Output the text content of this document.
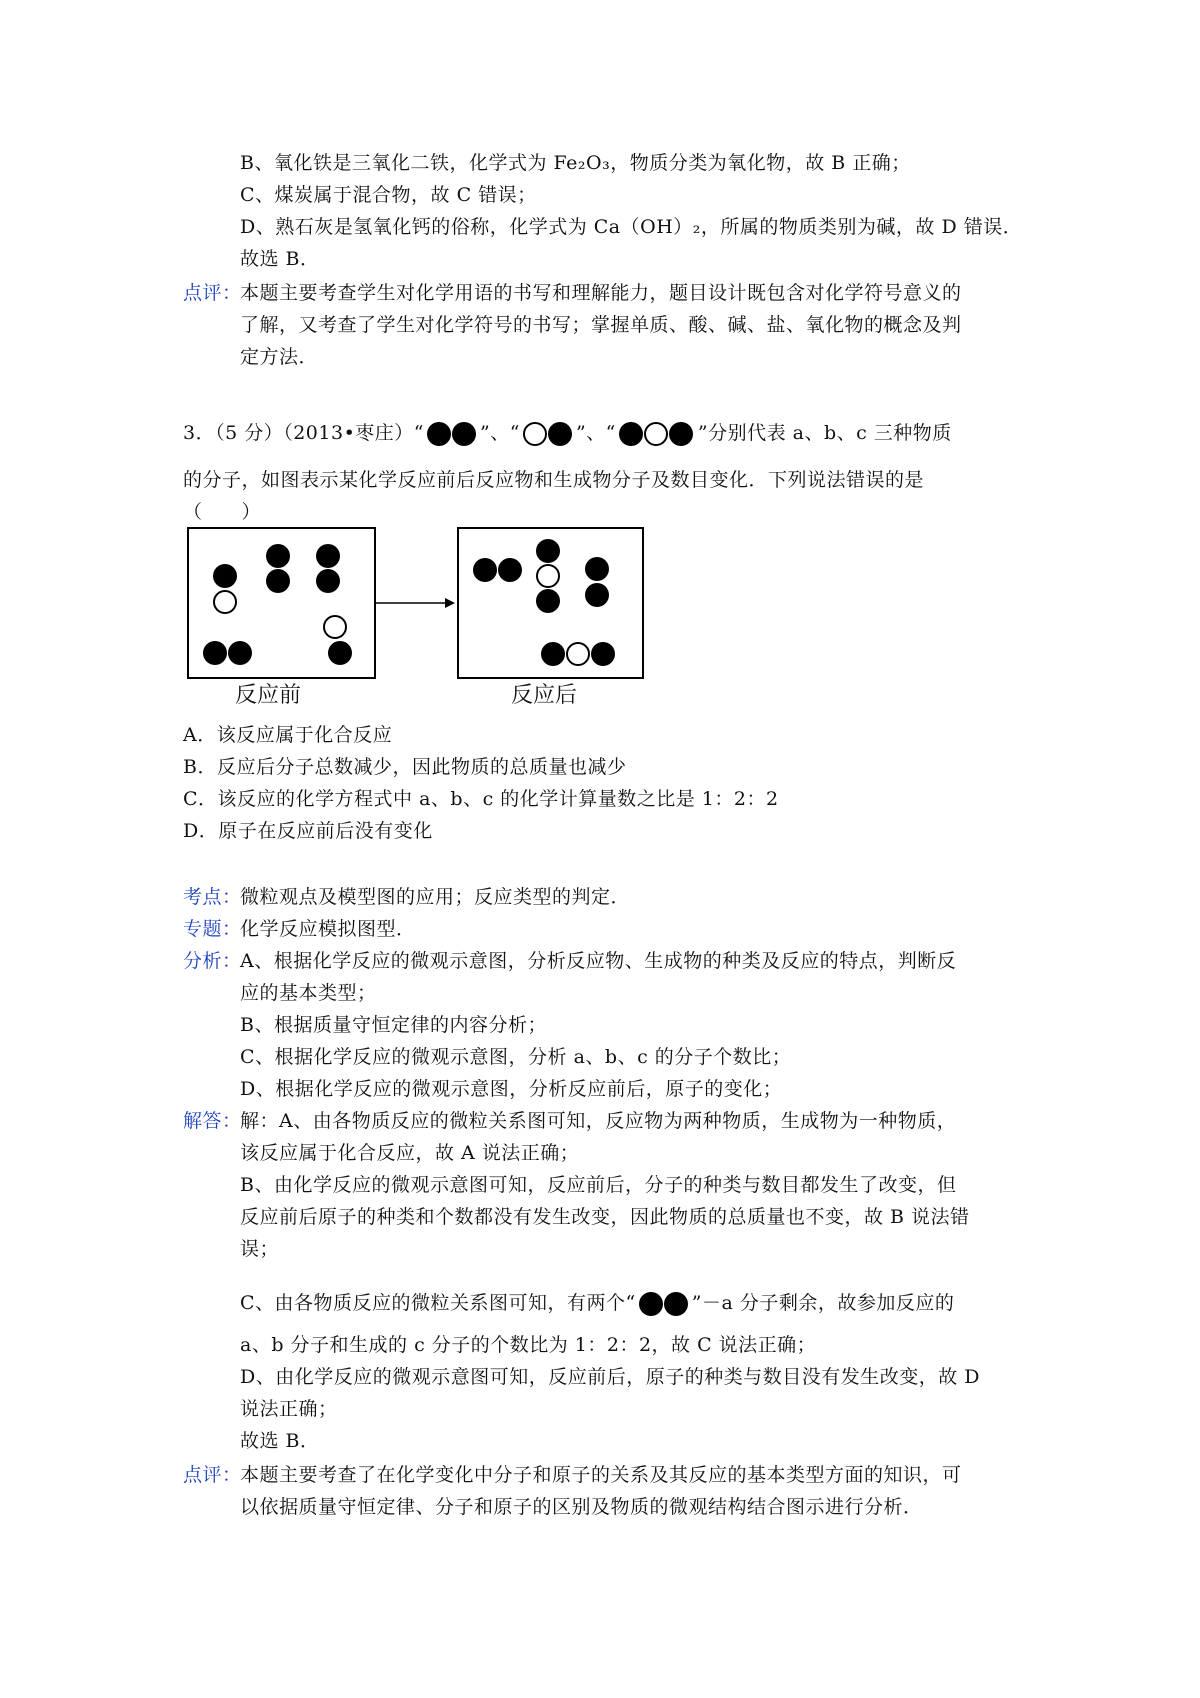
B、氧化铁是三氧化二铁，化学式为 Fe₂O₃，物质分类为氧化物，故 B 正确；
C、煤炭属于混合物，故 C 错误；
D、熟石灰是氢氧化钙的俗称，化学式为 Ca（OH）₂，所属的物质类别为碱，故 D 错误．
故选 B．
点评：
本题主要考查学生对化学用语的书写和理解能力，题目设计既包含对化学符号意义的
了解，又考查了学生对化学符号的书写；掌握单质、酸、碱、盐、氧化物的概念及判
定方法．
3．（5 分）（2013•枣庄）“	”、“	”、“	”分别代表 a、b、c 三种物质
的分子，如图表示某化学反应前后反应物和生成物分子及数目变化．下列说法错误的是
（　　）
反应前	反应后
A．该反应属于化合反应
B．反应后分子总数减少，因此物质的总质量也减少
C．该反应的化学方程式中 a、b、c 的化学计算量数之比是 1：2：2
D．原子在反应前后没有变化
考点：
微粒观点及模型图的应用；反应类型的判定．
专题：
化学反应模拟图型．
分析：
A、根据化学反应的微观示意图，分析反应物、生成物的种类及反应的特点，判断反
应的基本类型；
B、根据质量守恒定律的内容分析；
C、根据化学反应的微观示意图，分析 a、b、c 的分子个数比；
D、根据化学反应的微观示意图，分析反应前后，原子的变化；
解答：
解：A、由各物质反应的微粒关系图可知，反应物为两种物质，生成物为一种物质，
该反应属于化合反应，故 A 说法正确；
B、由化学反应的微观示意图可知，反应前后，分子的种类与数目都发生了改变，但
反应前后原子的种类和个数都没有发生改变，因此物质的总质量也不变，故 B 说法错
误；
C、由各物质反应的微粒关系图可知，有两个“	”－a 分子剩余，故参加反应的
a、b 分子和生成的 c 分子的个数比为 1：2：2，故 C 说法正确；
D、由化学反应的微观示意图可知，反应前后，原子的种类与数目没有发生改变，故 D
说法正确；
故选 B．
点评：
本题主要考查了在化学变化中分子和原子的关系及其反应的基本类型方面的知识，可
以依据质量守恒定律、分子和原子的区别及物质的微观结构结合图示进行分析．
